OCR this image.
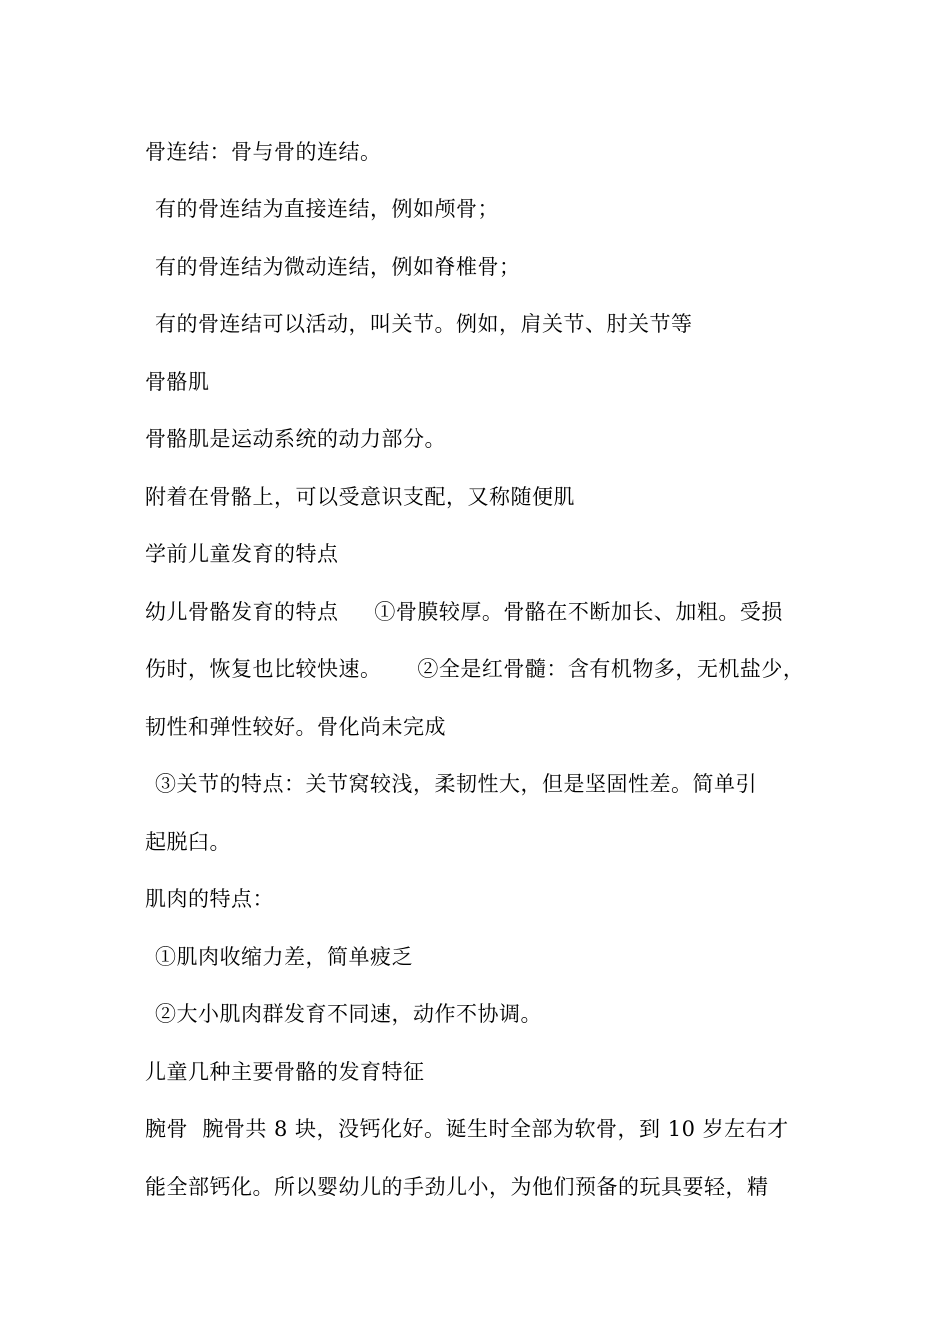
骨连结：骨与骨的连结。
有的骨连结为直接连结，例如颅骨；
有的骨连结为微动连结，例如脊椎骨；
有的骨连结可以活动，叫关节。例如，肩关节、肘关节等
骨骼肌
骨骼肌是运动系统的动力部分。
附着在骨骼上，可以受意识支配，又称随便肌
学前儿童发育的特点
幼儿骨骼发育的特点     ①骨膜较厚。骨骼在不断加长、加粗。受损
伤时，恢复也比较快速。     ②全是红骨髓：含有机物多，无机盐少，
韧性和弹性较好。骨化尚未完成
③关节的特点：关节窝较浅，柔韧性大，但是坚固性差。简单引
起脱臼。
肌肉的特点：
①肌肉收缩力差，简单疲乏
②大小肌肉群发育不同速，动作不协调。
儿童几种主要骨骼的发育特征
腕骨  腕骨共 8 块，没钙化好。诞生时全部为软骨，到 10 岁左右才
能全部钙化。所以婴幼儿的手劲儿小，为他们预备的玩具要轻，精
